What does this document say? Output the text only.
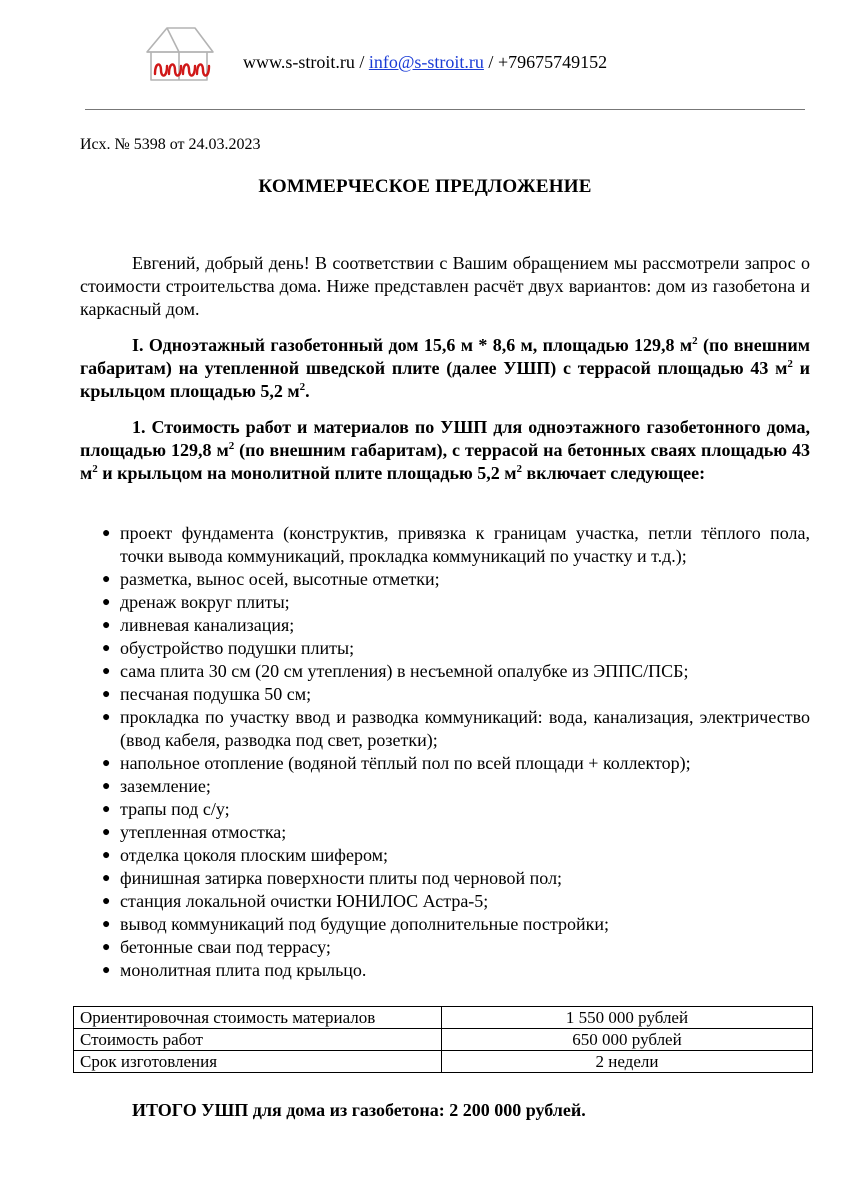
www.s-stroit.ru / info@s-stroit.ru / +79675749152
Исх. № 5398 от 24.03.2023
КОММЕРЧЕСКОЕ ПРЕДЛОЖЕНИЕ

Евгений, добрый день! В соответствии с Вашим обращением мы рассмотрели запрос о стоимости строительства дома. Ниже представлен расчёт двух вариантов: дом из газобетона и каркасный дом.

I. Одноэтажный газобетонный дом 15,6 м * 8,6 м, площадью 129,8 $м^2$ (по внешним габаритам) на утепленной шведской плите (далее УШП) с террасой площадью 43 $м^2$ и крыльцом площадью 5,2 $м^2$.

1. Стоимость работ и материалов по УШП для одноэтажного газобетонного дома, площадью 129,8 $м^2$ (по внешним габаритам), с террасой на бетонных сваях площадью 43 $м^2$ и крыльцом на монолитной плите площадью 5,2 $м^2$ включает следующее:

● проект фундамента (конструктив, привязка к границам участка, петли тёплого пола, точки вывода коммуникаций, прокладка коммуникаций по участку и т.д.);
● разметка, вынос осей, высотные отметки;
● дренаж вокруг плиты;
● ливневая канализация;
● обустройство подушки плиты;
● сама плита 30 см (20 см утепления) в несъемной опалубке из ЭППС/ПСБ;
● песчаная подушка 50 см;
● прокладка по участку ввод и разводка коммуникаций: вода, канализация, электричество (ввод кабеля, разводка под свет, розетки);
● напольное отопление (водяной тёплый пол по всей площади + коллектор);
● заземление;
● трапы под с/у;
● утепленная отмостка;
● отделка цоколя плоским шифером;
● финишная затирка поверхности плиты под черновой пол;
● станция локальной очистки ЮНИЛОС Астра-5;
● вывод коммуникаций под будущие дополнительные постройки;
● бетонные сваи под террасу;
● монолитная плита под крыльцо.
Ориентировочная стоимость материалов	1 550 000 рублей
Стоимость работ	650 000 рублей
Срок изготовления	2 недели
ИТОГО УШП для дома из газобетона: 2 200 000 рублей.
